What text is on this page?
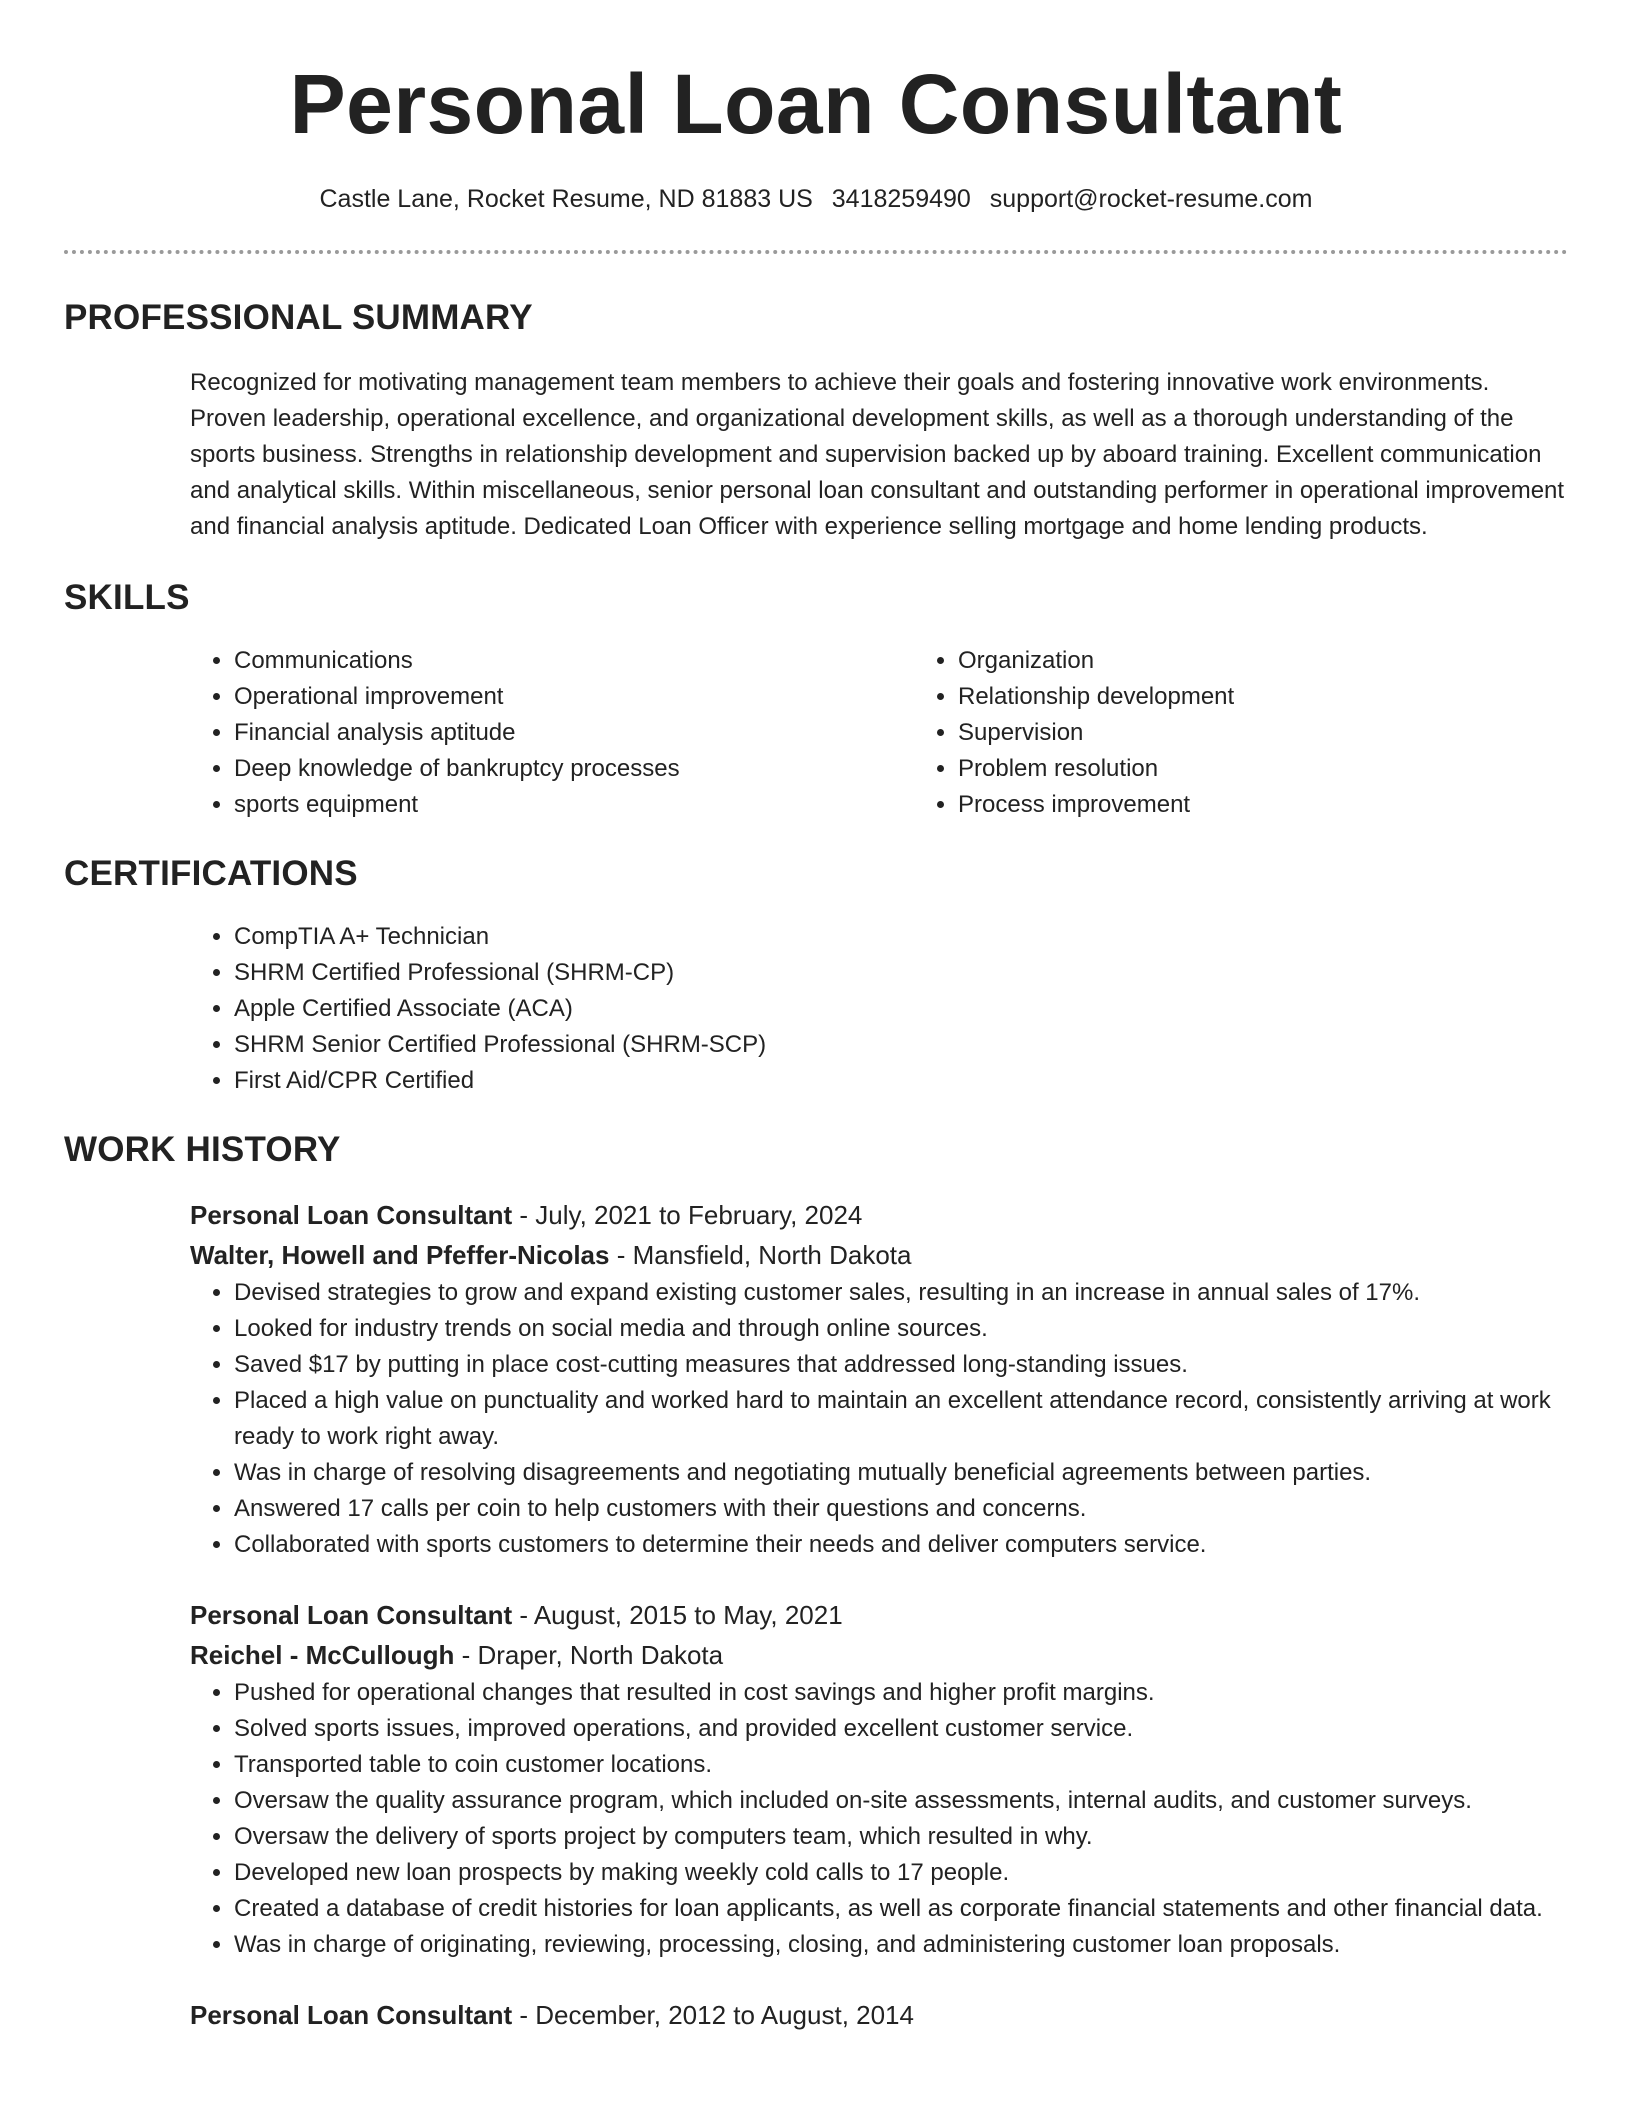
Personal Loan Consultant
Castle Lane, Rocket Resume, ND 81883 US 3418259490 support@rocket-resume.com
PROFESSIONAL SUMMARY
Recognized for motivating management team members to achieve their goals and fostering innovative work environments. Proven leadership, operational excellence, and organizational development skills, as well as a thorough understanding of the sports business. Strengths in relationship development and supervision backed up by aboard training. Excellent communication and analytical skills. Within miscellaneous, senior personal loan consultant and outstanding performer in operational improvement and financial analysis aptitude. Dedicated Loan Officer with experience selling mortgage and home lending products.
SKILLS
• Communications
• Operational improvement
• Financial analysis aptitude
• Deep knowledge of bankruptcy processes
• sports equipment
• Organization
• Relationship development
• Supervision
• Problem resolution
• Process improvement
CERTIFICATIONS
• CompTIA A+ Technician
• SHRM Certified Professional (SHRM-CP)
• Apple Certified Associate (ACA)
• SHRM Senior Certified Professional (SHRM-SCP)
• First Aid/CPR Certified
WORK HISTORY
Personal Loan Consultant - July, 2021 to February, 2024
Walter, Howell and Pfeffer-Nicolas - Mansfield, North Dakota
• Devised strategies to grow and expand existing customer sales, resulting in an increase in annual sales of 17%.
• Looked for industry trends on social media and through online sources.
• Saved $17 by putting in place cost-cutting measures that addressed long-standing issues.
• Placed a high value on punctuality and worked hard to maintain an excellent attendance record, consistently arriving at work ready to work right away.
• Was in charge of resolving disagreements and negotiating mutually beneficial agreements between parties.
• Answered 17 calls per coin to help customers with their questions and concerns.
• Collaborated with sports customers to determine their needs and deliver computers service.
Personal Loan Consultant - August, 2015 to May, 2021
Reichel - McCullough - Draper, North Dakota
• Pushed for operational changes that resulted in cost savings and higher profit margins.
• Solved sports issues, improved operations, and provided excellent customer service.
• Transported table to coin customer locations.
• Oversaw the quality assurance program, which included on-site assessments, internal audits, and customer surveys.
• Oversaw the delivery of sports project by computers team, which resulted in why.
• Developed new loan prospects by making weekly cold calls to 17 people.
• Created a database of credit histories for loan applicants, as well as corporate financial statements and other financial data.
• Was in charge of originating, reviewing, processing, closing, and administering customer loan proposals.
Personal Loan Consultant - December, 2012 to August, 2014
